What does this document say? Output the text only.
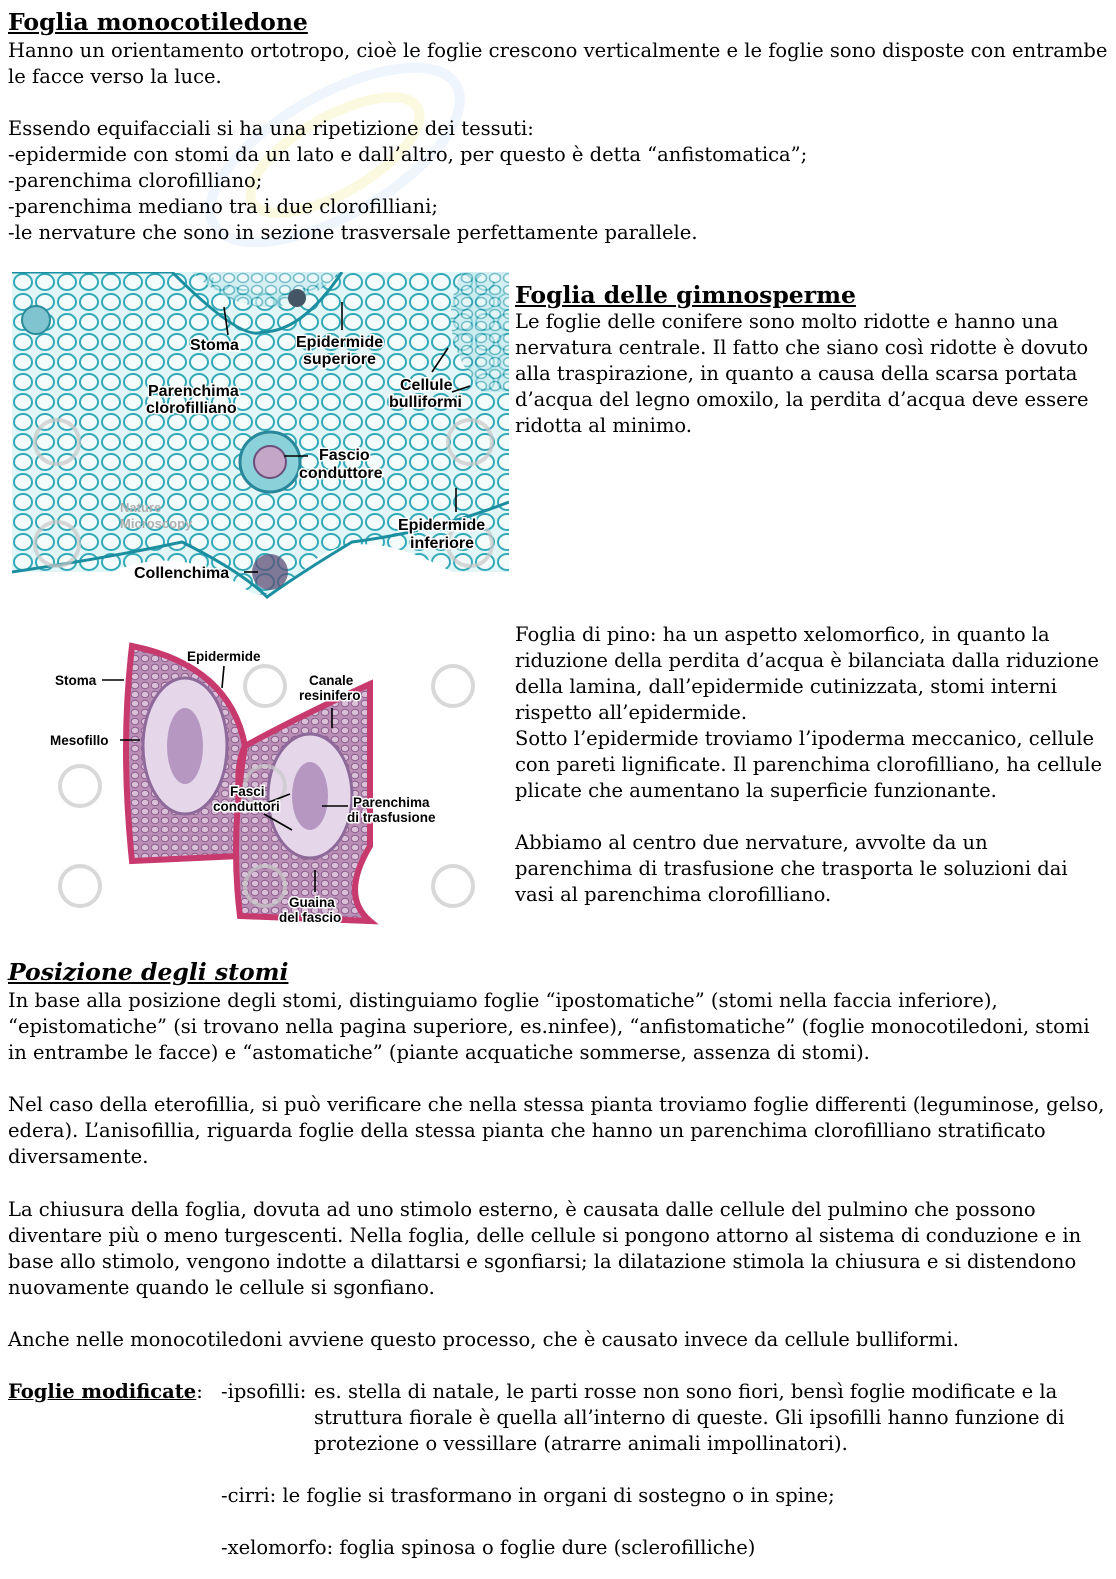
Foglia monocotiledone

Hanno un orientamento ortotropo, cioè le foglie crescono verticalmente e le foglie sono disposte con entrambe

le facce verso la luce.

Essendo equifacciali si ha una ripetizione dei tessuti:

-epidermide con stomi da un lato e dall’altro, per questo è detta “anfistomatica”;

-parenchima clorofilliano;

-parenchima mediano tra i due clorofilliani;

-le nervature che sono in sezione trasversale perfettamente parallele.

Nature
Microscopy
Stoma	Epidermide
superiore
Cellule
bulliformi
Parenchima
clorofilliano
Fascio
conduttore
Epidermide
inferiore
Collenchima
Foglia delle gimnosperme

Le foglie delle conifere sono molto ridotte e hanno una

nervatura centrale. Il fatto che siano così ridotte è dovuto

alla traspirazione, in quanto a causa della scarsa portata

d’acqua del legno omoxilo, la perdita d’acqua deve essere

ridotta al minimo.

Epidermide
Stoma	Canale
resinifero
Mesofillo
Fasci
conduttori	Parenchima
di trasfusione
Guaina
del fascio

Foglia di pino: ha un aspetto xelomorfico, in quanto la

riduzione della perdita d’acqua è bilanciata dalla riduzione

della lamina, dall’epidermide cutinizzata, stomi interni

rispetto all’epidermide.

Sotto l’epidermide troviamo l’ipoderma meccanico, cellule

con pareti lignificate. Il parenchima clorofilliano, ha cellule

plicate che aumentano la superficie funzionante.

Abbiamo al centro due nervature, avvolte da un

parenchima di trasfusione che trasporta le soluzioni dai

vasi al parenchima clorofilliano.

Posizione degli stomi

In base alla posizione degli stomi, distinguiamo foglie “ipostomatiche” (stomi nella faccia inferiore),

“epistomatiche” (si trovano nella pagina superiore, es.ninfee), “anfistomatiche” (foglie monocotiledoni, stomi

in entrambe le facce) e “astomatiche” (piante acquatiche sommerse, assenza di stomi).

Nel caso della eterofillia, si può verificare che nella stessa pianta troviamo foglie differenti (leguminose, gelso,

edera). L’anisofillia, riguarda foglie della stessa pianta che hanno un parenchima clorofilliano stratificato

diversamente.

La chiusura della foglia, dovuta ad uno stimolo esterno, è causata dalle cellule del pulmino che possono

diventare più o meno turgescenti. Nella foglia, delle cellule si pongono attorno al sistema di conduzione e in

base allo stimolo, vengono indotte a dilattarsi e sgonfiarsi; la dilatazione stimola la chiusura e si distendono

nuovamente quando le cellule si sgonfiano.

Anche nelle monocotiledoni avviene questo processo, che è causato invece da cellule bulliformi.

Foglie modificate: -ipsofilli: es. stella di natale, le parti rosse non sono fiori, bensì foglie modificate e la

struttura fiorale è quella all’interno di queste. Gli ipsofilli hanno funzione di

protezione o vessillare (atrarre animali impollinatori).

-cirri: le foglie si trasformano in organi di sostegno o in spine;

-xelomorfo: foglia spinosa o foglie dure (sclerofilliche)
